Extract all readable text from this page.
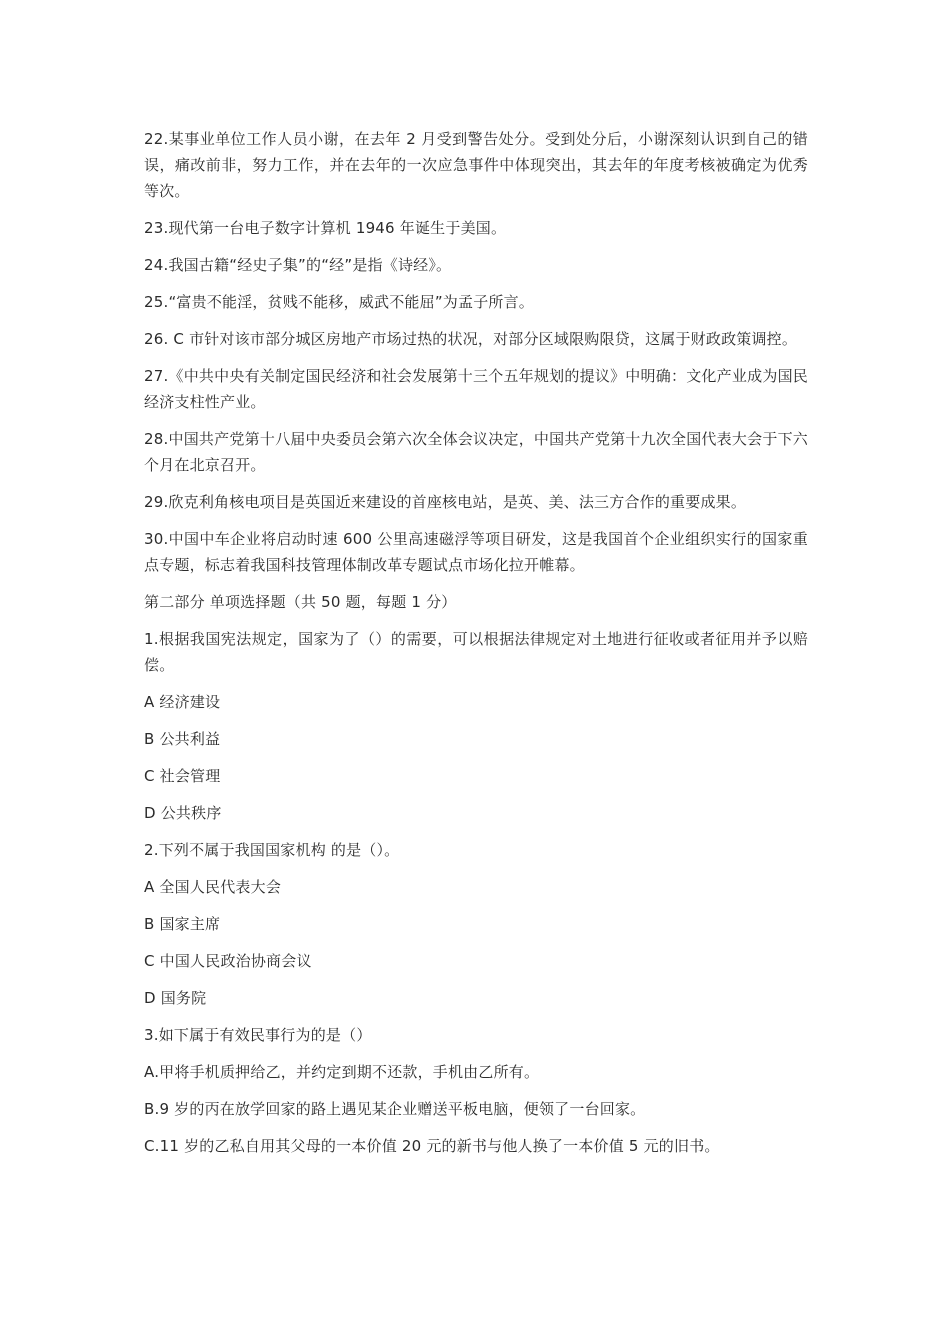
22.某事业单位工作人员小谢，在去年 2 月受到警告处分。受到处分后，小谢深刻认识到自己的错误，痛改前非，努力工作，并在去年的一次应急事件中体现突出，其去年的年度考核被确定为优秀等次。

23.现代第一台电子数字计算机 1946 年诞生于美国。

24.我国古籍“经史子集”的“经”是指《诗经》。

25.“富贵不能淫，贫贱不能移，威武不能屈”为孟子所言。

26. C 市针对该市部分城区房地产市场过热的状况，对部分区域限购限贷，这属于财政政策调控。

27.《中共中央有关制定国民经济和社会发展第十三个五年规划的提议》中明确：文化产业成为国民经济支柱性产业。

28.中国共产党第十八届中央委员会第六次全体会议决定，中国共产党第十九次全国代表大会于下六个月在北京召开。

29.欣克利角核电项目是英国近来建设的首座核电站，是英、美、法三方合作的重要成果。

30.中国中车企业将启动时速 600 公里高速磁浮等项目研发，这是我国首个企业组织实行的国家重点专题，标志着我国科技管理体制改革专题试点市场化拉开帷幕。

第二部分 单项选择题（共 50 题，每题 1 分）

1.根据我国宪法规定，国家为了（）的需要，可以根据法律规定对土地进行征收或者征用并予以赔偿。

A 经济建设

B 公共利益

C 社会管理

D 公共秩序

2.下列不属于我国国家机构 的是（）。

A 全国人民代表大会

B 国家主席

C 中国人民政治协商会议

D 国务院

3.如下属于有效民事行为的是（）

A.甲将手机质押给乙，并约定到期不还款，手机由乙所有。

B.9 岁的丙在放学回家的路上遇见某企业赠送平板电脑，便领了一台回家。

C.11 岁的乙私自用其父母的一本价值 20 元的新书与他人换了一本价值 5 元的旧书。
